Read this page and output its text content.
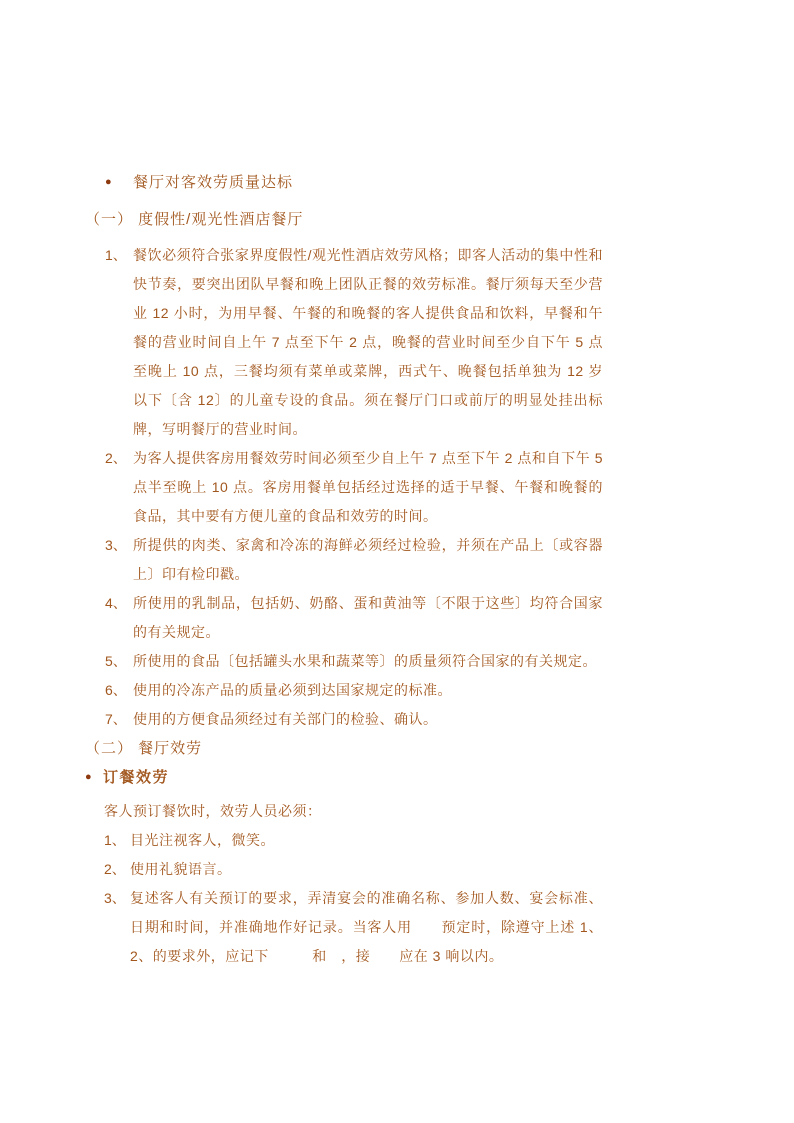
●	餐厅对客效劳质量达标
（一） 度假性/观光性酒店餐厅
1、 餐饮必须符合张家界度假性/观光性酒店效劳风格；即客人活动的集中性和快节奏，要突出团队早餐和晚上团队正餐的效劳标准。餐厅须每天至少营业 12 小时，为用早餐、午餐的和晚餐的客人提供食品和饮料，早餐和午餐的营业时间自上午 7 点至下午 2 点，晚餐的营业时间至少自下午 5 点至晚上 10 点，三餐均须有菜单或菜牌，西式午、晚餐包括单独为 12 岁以下〔含 12〕的儿童专设的食品。须在餐厅门口或前厅的明显处挂出标牌，写明餐厅的营业时间。
2、 为客人提供客房用餐效劳时间必须至少自上午 7 点至下午 2 点和自下午 5 点半至晚上 10 点。客房用餐单包括经过选择的适于早餐、午餐和晚餐的食品，其中要有方便儿童的食品和效劳的时间。
3、 所提供的肉类、家禽和冷冻的海鲜必须经过检验，并须在产品上〔或容器上〕印有检印戳。
4、 所使用的乳制品，包括奶、奶酪、蛋和黄油等〔不限于这些〕均符合国家的有关规定。
5、 所使用的食品〔包括罐头水果和蔬菜等〕的质量须符合国家的有关规定。
6、 使用的冷冻产品的质量必须到达国家规定的标准。
7、 使用的方便食品须经过有关部门的检验、确认。
（二） 餐厅效劳
● 订餐效劳
客人预订餐饮时，效劳人员必须：
1、 目光注视客人，微笑。
2、 使用礼貌语言。
3、 复述客人有关预订的要求，弄清宴会的准确名称、参加人数、宴会标准、日期和时间，并准确地作好记录。当客人用　　预定时，除遵守上述 1、2、的要求外，应记下　　　和　，接　　应在 3 响以内。
